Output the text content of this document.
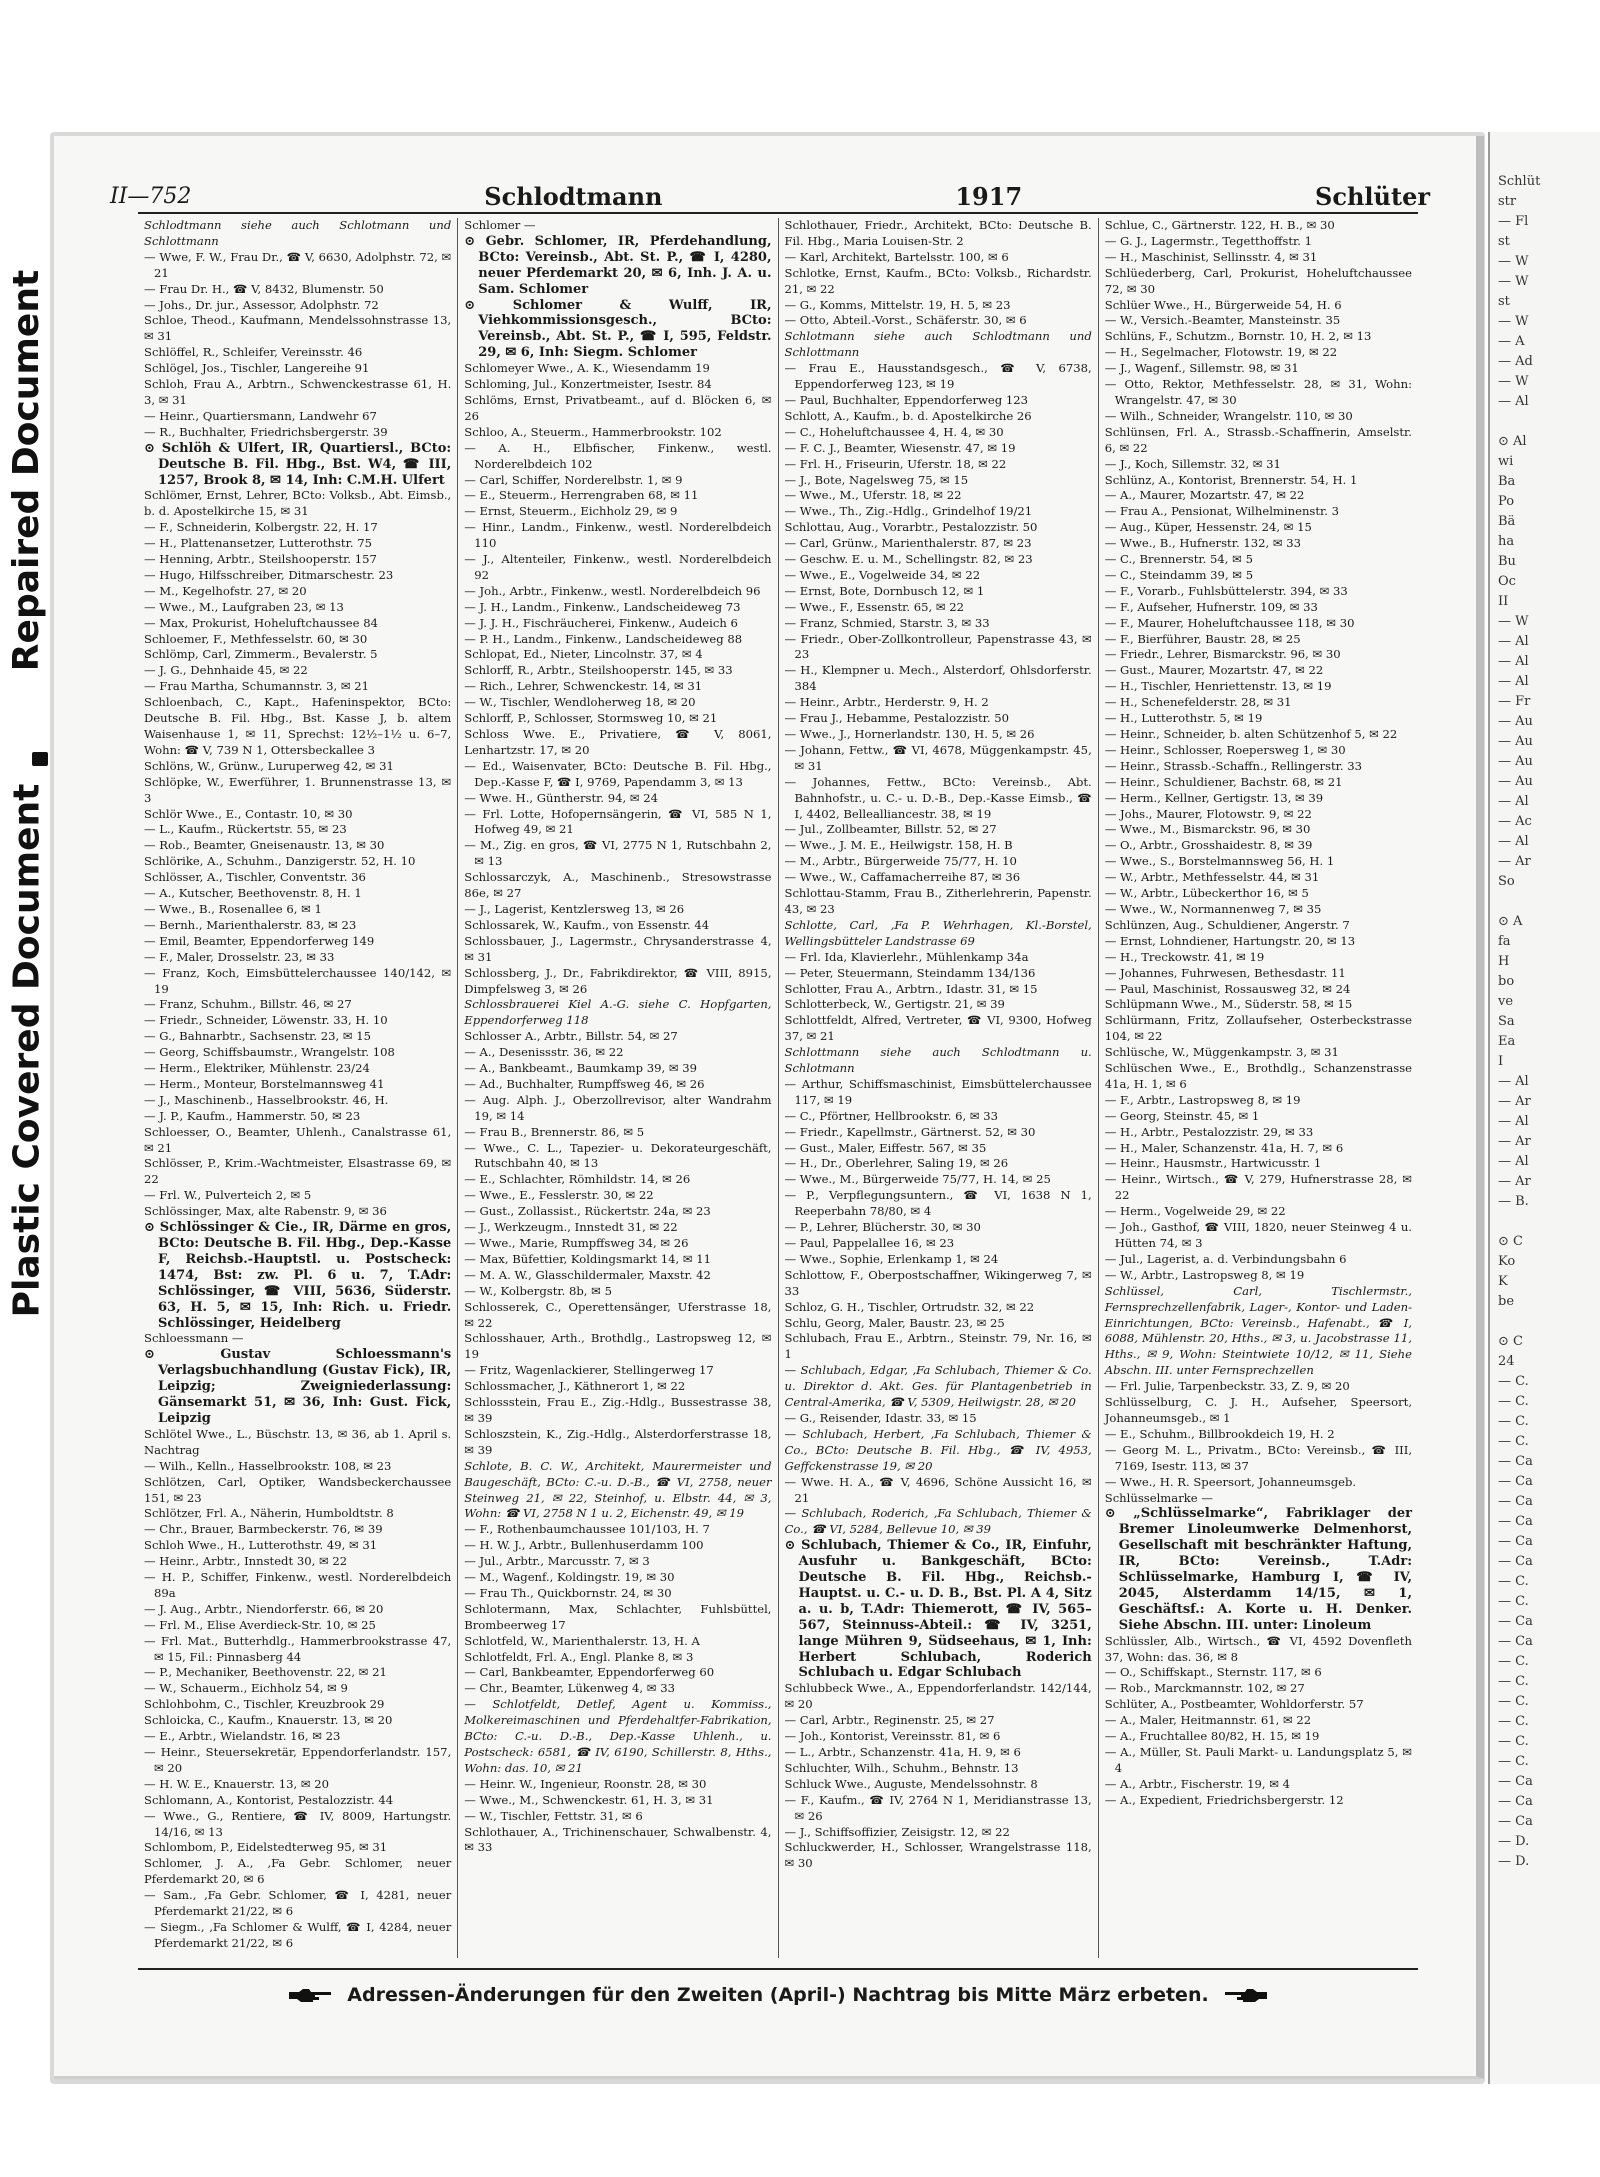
Repaired Document
Plastic Covered Document
Schlüt
str
— Fl
st
— W
— W
st
— W
— A
— Ad
— W
— Al

⊙ Al
wi
Ba
Po
Bä
ha
Bu
Oc
II
— W
— Al
— Al
— Al
— Fr
— Au
— Au
— Au
— Au
— Al
— Ac
— Al
— Ar
So

⊙ A
fa
H
bo
ve
Sa
Ea
I
— Al
— Ar
— Al
— Ar
— Al
— Ar
— B.

⊙ C
Ko
K
be

⊙ C
24
— C.
— C.
— C.
— C.
— Ca
— Ca
— Ca
— Ca
— Ca
— Ca
— C.
— C.
— Ca
— Ca
— C.
— C.
— C.
— C.
— C.
— C.
— Ca
— Ca
— Ca
— D.
— D.
II—752	Schlodtmann	1917	Schlüter

Schlodtmann siehe auch Schlotmann und Schlottmann

— Wwe, F. W., Frau Dr., ☎ V, 6630, Adolphstr. 72, ✉ 21

— Frau Dr. H., ☎ V, 8432, Blumenstr. 50

— Johs., Dr. jur., Assessor, Adolphstr. 72

Schloe, Theod., Kaufmann, Mendelssohnstrasse 13, ✉ 31

Schlöffel, R., Schleifer, Vereinsstr. 46

Schlögel, Jos., Tischler, Langereihe 91

Schloh, Frau A., Arbtrn., Schwenckestrasse 61, H. 3, ✉ 31

— Heinr., Quartiersmann, Landwehr 67

— R., Buchhalter, Friedrichsbergerstr. 39

⊙ Schlöh & Ulfert, IR, Quartiersl., BCto: Deutsche B. Fil. Hbg., Bst. W4, ☎ III, 1257, Brook 8, ✉ 14, Inh: C.M.H. Ulfert

Schlömer, Ernst, Lehrer, BCto: Volksb., Abt. Eimsb., b. d. Apostelkirche 15, ✉ 31

— F., Schneiderin, Kolbergstr. 22, H. 17

— H., Plattenansetzer, Lutterothstr. 75

— Henning, Arbtr., Steilshooperstr. 157

— Hugo, Hilfsschreiber, Ditmarschestr. 23

— M., Kegelhofstr. 27, ✉ 20

— Wwe., M., Laufgraben 23, ✉ 13

— Max, Prokurist, Hoheluftchaussee 84

Schloemer, F., Methfesselstr. 60, ✉ 30

Schlömp, Carl, Zimmerm., Bevalerstr. 5

— J. G., Dehnhaide 45, ✉ 22

— Frau Martha, Schumannstr. 3, ✉ 21

Schloenbach, C., Kapt., Hafeninspektor, BCto: Deutsche B. Fil. Hbg., Bst. Kasse J, b. altem Waisenhause 1, ✉ 11, Sprechst: 12½–1½ u. 6–7, Wohn: ☎ V, 739 N 1, Ottersbeckallee 3

Schlöns, W., Grünw., Luruperweg 42, ✉ 31

Schlöpke, W., Ewerführer, 1. Brunnenstrasse 13, ✉ 3

Schlör Wwe., E., Contastr. 10, ✉ 30

— L., Kaufm., Rückertstr. 55, ✉ 23

— Rob., Beamter, Gneisenaustr. 13, ✉ 30

Schlörike, A., Schuhm., Danzigerstr. 52, H. 10

Schlösser, A., Tischler, Conventstr. 36

— A., Kutscher, Beethovenstr. 8, H. 1

— Wwe., B., Rosenallee 6, ✉ 1

— Bernh., Marienthalerstr. 83, ✉ 23

— Emil, Beamter, Eppendorferweg 149

— F., Maler, Drosselstr. 23, ✉ 33

— Franz, Koch, Eimsbüttelerchaussee 140/142, ✉ 19

— Franz, Schuhm., Billstr. 46, ✉ 27

— Friedr., Schneider, Löwenstr. 33, H. 10

— G., Bahnarbtr., Sachsenstr. 23, ✉ 15

— Georg, Schiffsbaumstr., Wrangelstr. 108

— Herm., Elektriker, Mühlenstr. 23/24

— Herm., Monteur, Borstelmannsweg 41

— J., Maschinenb., Hasselbrookstr. 46, H.

— J. P., Kaufm., Hammerstr. 50, ✉ 23

Schloesser, O., Beamter, Uhlenh., Canalstrasse 61, ✉ 21

Schlösser, P., Krim.-Wachtmeister, Elsastrasse 69, ✉ 22

— Frl. W., Pulverteich 2, ✉ 5

Schlössinger, Max, alte Rabenstr. 9, ✉ 36

⊙ Schlössinger & Cie., IR, Därme en gros, BCto: Deutsche B. Fil. Hbg., Dep.-Kasse F, Reichsb.-Hauptstl. u. Postscheck: 1474, Bst: zw. Pl. 6 u. 7, T.Adr: Schlössinger, ☎ VIII, 5636, Süderstr. 63, H. 5, ✉ 15, Inh: Rich. u. Friedr. Schlössinger, Heidelberg

Schloessmann —

⊙ Gustav Schloessmann's Verlagsbuchhandlung (Gustav Fick), IR, Leipzig; Zweigniederlassung: Gänsemarkt 51, ✉ 36, Inh: Gust. Fick, Leipzig

Schlötel Wwe., L., Büschstr. 13, ✉ 36, ab 1. April s. Nachtrag

— Wilh., Kelln., Hasselbrookstr. 108, ✉ 23

Schlötzen, Carl, Optiker, Wandsbeckerchaussee 151, ✉ 23

Schlötzer, Frl. A., Näherin, Humboldtstr. 8

— Chr., Brauer, Barmbeckerstr. 76, ✉ 39

Schloh Wwe., H., Lutterothstr. 49, ✉ 31

— Heinr., Arbtr., Innstedt 30, ✉ 22

— H. P., Schiffer, Finkenw., westl. Norderelbdeich 89a

— J. Aug., Arbtr., Niendorferstr. 66, ✉ 20

— Frl. M., Elise Averdieck-Str. 10, ✉ 25

— Frl. Mat., Butterhdlg., Hammerbrookstrasse 47, ✉ 15, Fil.: Pinnasberg 44

— P., Mechaniker, Beethovenstr. 22, ✉ 21

— W., Schauerm., Eichholz 54, ✉ 9

Schlohbohm, C., Tischler, Kreuzbrook 29

Schloicka, C., Kaufm., Knauerstr. 13, ✉ 20

— E., Arbtr., Wielandstr. 16, ✉ 23

— Heinr., Steuersekretär, Eppendorferlandstr. 157, ✉ 20

— H. W. E., Knauerstr. 13, ✉ 20

Schlomann, A., Kontorist, Pestalozzistr. 44

— Wwe., G., Rentiere, ☎ IV, 8009, Hartungstr. 14/16, ✉ 13

Schlombom, P., Eidelstedterweg 95, ✉ 31

Schlomer, J. A., ‚Fa Gebr. Schlomer, neuer Pferdemarkt 20, ✉ 6

— Sam., ‚Fa Gebr. Schlomer, ☎ I, 4281, neuer Pferdemarkt 21/22, ✉ 6

— Siegm., ‚Fa Schlomer & Wulff, ☎ I, 4284, neuer Pferdemarkt 21/22, ✉ 6

Schlomer —

⊙ Gebr. Schlomer, IR, Pferdehandlung, BCto: Vereinsb., Abt. St. P., ☎ I, 4280, neuer Pferdemarkt 20, ✉ 6, Inh. J. A. u. Sam. Schlomer

⊙ Schlomer & Wulff, IR, Viehkommissionsgesch., BCto: Vereinsb., Abt. St. P., ☎ I, 595, Feldstr. 29, ✉ 6, Inh: Siegm. Schlomer

Schlomeyer Wwe., A. K., Wiesendamm 19

Schloming, Jul., Konzertmeister, Isestr. 84

Schlöms, Ernst, Privatbeamt., auf d. Blöcken 6, ✉ 26

Schloo, A., Steuerm., Hammerbrookstr. 102

— A. H., Elbfischer, Finkenw., westl. Norderelbdeich 102

— Carl, Schiffer, Norderelbstr. 1, ✉ 9

— E., Steuerm., Herrengraben 68, ✉ 11

— Ernst, Steuerm., Eichholz 29, ✉ 9

— Hinr., Landm., Finkenw., westl. Norderelbdeich 110

— J., Altenteiler, Finkenw., westl. Norderelbdeich 92

— Joh., Arbtr., Finkenw., westl. Norderelbdeich 96

— J. H., Landm., Finkenw., Landscheideweg 73

— J. J. H., Fischräucherei, Finkenw., Audeich 6

— P. H., Landm., Finkenw., Landscheideweg 88

Schlopat, Ed., Nieter, Lincolnstr. 37, ✉ 4

Schlorff, R., Arbtr., Steilshooperstr. 145, ✉ 33

— Rich., Lehrer, Schwenckestr. 14, ✉ 31

— W., Tischler, Wendloherweg 18, ✉ 20

Schlorff, P., Schlosser, Stormsweg 10, ✉ 21

Schloss Wwe. E., Privatiere, ☎ V, 8061, Lenhartzstr. 17, ✉ 20

— Ed., Waisenvater, BCto: Deutsche B. Fil. Hbg., Dep.-Kasse F, ☎ I, 9769, Papendamm 3, ✉ 13

— Wwe. H., Güntherstr. 94, ✉ 24

— Frl. Lotte, Hofopernsängerin, ☎ VI, 585 N 1, Hofweg 49, ✉ 21

— M., Zig. en gros, ☎ VI, 2775 N 1, Rutschbahn 2, ✉ 13

Schlossarczyk, A., Maschinenb., Stresowstrasse 86e, ✉ 27

— J., Lagerist, Kentzlersweg 13, ✉ 26

Schlossarek, W., Kaufm., von Essenstr. 44

Schlossbauer, J., Lagermstr., Chrysanderstrasse 4, ✉ 31

Schlossberg, J., Dr., Fabrikdirektor, ☎ VIII, 8915, Dimpfelsweg 3, ✉ 26

Schlossbrauerei Kiel A.-G. siehe C. Hopfgarten, Eppendorferweg 118

Schlosser A., Arbtr., Billstr. 54, ✉ 27

— A., Desenissstr. 36, ✉ 22

— A., Bankbeamt., Baumkamp 39, ✉ 39

— Ad., Buchhalter, Rumpffsweg 46, ✉ 26

— Aug. Alph. J., Oberzollrevisor, alter Wandrahm 19, ✉ 14

— Frau B., Brennerstr. 86, ✉ 5

— Wwe., C. L., Tapezier- u. Dekorateurgeschäft, Rutschbahn 40, ✉ 13

— E., Schlachter, Römhildstr. 14, ✉ 26

— Wwe., E., Fesslerstr. 30, ✉ 22

— Gust., Zollassist., Rückertstr. 24a, ✉ 23

— J., Werkzeugm., Innstedt 31, ✉ 22

— Wwe., Marie, Rumpffsweg 34, ✉ 26

— Max, Büfettier, Koldingsmarkt 14, ✉ 11

— M. A. W., Glasschildermaler, Maxstr. 42

— W., Kolbergstr. 8b, ✉ 5

Schlosserek, C., Operettensänger, Uferstrasse 18, ✉ 22

Schlosshauer, Arth., Brothdlg., Lastropsweg 12, ✉ 19

— Fritz, Wagenlackierer, Stellingerweg 17

Schlossmacher, J., Käthnerort 1, ✉ 22

Schlossstein, Frau E., Zig.-Hdlg., Bussestrasse 38, ✉ 39

Schloszstein, K., Zig.-Hdlg., Alsterdorferstrasse 18, ✉ 39

Schlote, B. C. W., Architekt, Maurermeister und Baugeschäft, BCto: C.-u. D.-B., ☎ VI, 2758, neuer Steinweg 21, ✉ 22, Steinhof, u. Elbstr. 44, ✉ 3, Wohn: ☎ VI, 2758 N 1 u. 2, Eichenstr. 49, ✉ 19

— F., Rothenbaumchaussee 101/103, H. 7

— H. W. J., Arbtr., Bullenhuserdamm 100

— Jul., Arbtr., Marcusstr. 7, ✉ 3

— M., Wagenf., Koldingstr. 19, ✉ 30

— Frau Th., Quickbornstr. 24, ✉ 30

Schlotermann, Max, Schlachter, Fuhlsbüttel, Brombeerweg 17

Schlotfeld, W., Marienthalerstr. 13, H. A

Schlotfeldt, Frl. A., Engl. Planke 8, ✉ 3

— Carl, Bankbeamter, Eppendorferweg 60

— Chr., Beamter, Lükenweg 4, ✉ 33

— Schlotfeldt, Detlef, Agent u. Kommiss., Molkereimaschinen und Pferdehaltfer-Fabrikation, BCto: C.-u. D.-B., Dep.-Kasse Uhlenh., u. Postscheck: 6581, ☎ IV, 6190, Schillerstr. 8, Hths., Wohn: das. 10, ✉ 21

— Heinr. W., Ingenieur, Roonstr. 28, ✉ 30

— Wwe., M., Schwenckestr. 61, H. 3, ✉ 31

— W., Tischler, Fettstr. 31, ✉ 6

Schlothauer, A., Trichinenschauer, Schwalbenstr. 4, ✉ 33

Schlothauer, Friedr., Architekt, BCto: Deutsche B. Fil. Hbg., Maria Louisen-Str. 2

— Karl, Architekt, Bartelsstr. 100, ✉ 6

Schlotke, Ernst, Kaufm., BCto: Volksb., Richardstr. 21, ✉ 22

— G., Komms, Mittelstr. 19, H. 5, ✉ 23

— Otto, Abteil.-Vorst., Schäferstr. 30, ✉ 6

Schlotmann siehe auch Schlodtmann und Schlottmann

— Frau E., Hausstandsgesch., ☎ V, 6738, Eppendorferweg 123, ✉ 19

— Paul, Buchhalter, Eppendorferweg 123

Schlott, A., Kaufm., b. d. Apostelkirche 26

— C., Hoheluftchaussee 4, H. 4, ✉ 30

— F. C. J., Beamter, Wiesenstr. 47, ✉ 19

— Frl. H., Friseurin, Uferstr. 18, ✉ 22

— J., Bote, Nagelsweg 75, ✉ 15

— Wwe., M., Uferstr. 18, ✉ 22

— Wwe., Th., Zig.-Hdlg., Grindelhof 19/21

Schlottau, Aug., Vorarbtr., Pestalozzistr. 50

— Carl, Grünw., Marienthalerstr. 87, ✉ 23

— Geschw. E. u. M., Schellingstr. 82, ✉ 23

— Wwe., E., Vogelweide 34, ✉ 22

— Ernst, Bote, Dornbusch 12, ✉ 1

— Wwe., F., Essenstr. 65, ✉ 22

— Franz, Schmied, Starstr. 3, ✉ 33

— Friedr., Ober-Zollkontrolleur, Papenstrasse 43, ✉ 23

— H., Klempner u. Mech., Alsterdorf, Ohlsdorferstr. 384

— Heinr., Arbtr., Herderstr. 9, H. 2

— Frau J., Hebamme, Pestalozzistr. 50

— Wwe., J., Hornerlandstr. 130, H. 5, ✉ 26

— Johann, Fettw., ☎ VI, 4678, Müggenkampstr. 45, ✉ 31

— Johannes, Fettw., BCto: Vereinsb., Abt. Bahnhofstr., u. C.- u. D.-B., Dep.-Kasse Eimsb., ☎ I, 4402, Bellealliancestr. 38, ✉ 19

— Jul., Zollbeamter, Billstr. 52, ✉ 27

— Wwe., J. M. E., Heilwigstr. 158, H. B

— M., Arbtr., Bürgerweide 75/77, H. 10

— Wwe., W., Caffamacherreihe 87, ✉ 36

Schlottau-Stamm, Frau B., Zitherlehrerin, Papenstr. 43, ✉ 23

Schlotte, Carl, ‚Fa P. Wehrhagen, Kl.-Borstel, Wellingsbütteler Landstrasse 69

— Frl. Ida, Klavierlehr., Mühlenkamp 34a

— Peter, Steuermann, Steindamm 134/136

Schlotter, Frau A., Arbtrn., Idastr. 31, ✉ 15

Schlotterbeck, W., Gertigstr. 21, ✉ 39

Schlottfeldt, Alfred, Vertreter, ☎ VI, 9300, Hofweg 37, ✉ 21

Schlottmann siehe auch Schlodtmann u. Schlotmann

— Arthur, Schiffsmaschinist, Eimsbüttelerchaussee 117, ✉ 19

— C., Pförtner, Hellbrookstr. 6, ✉ 33

— Friedr., Kapellmstr., Gärtnerst. 52, ✉ 30

— Gust., Maler, Eiffestr. 567, ✉ 35

— H., Dr., Oberlehrer, Saling 19, ✉ 26

— Wwe., M., Bürgerweide 75/77, H. 14, ✉ 25

— P., Verpflegungsuntern., ☎ VI, 1638 N 1, Reeperbahn 78/80, ✉ 4

— P., Lehrer, Blücherstr. 30, ✉ 30

— Paul, Pappelallee 16, ✉ 23

— Wwe., Sophie, Erlenkamp 1, ✉ 24

Schlottow, F., Oberpostschaffner, Wikingerweg 7, ✉ 33

Schloz, G. H., Tischler, Ortrudstr. 32, ✉ 22

Schlu, Georg, Maler, Baustr. 23, ✉ 25

Schlubach, Frau E., Arbtrn., Steinstr. 79, Nr. 16, ✉ 1

— Schlubach, Edgar, ‚Fa Schlubach, Thiemer & Co. u. Direktor d. Akt. Ges. für Plantagenbetrieb in Central-Amerika, ☎ V, 5309, Heilwigstr. 28, ✉ 20

— G., Reisender, Idastr. 33, ✉ 15

— Schlubach, Herbert, ‚Fa Schlubach, Thiemer & Co., BCto: Deutsche B. Fil. Hbg., ☎ IV, 4953, Geffckenstrasse 19, ✉ 20

— Wwe. H. A., ☎ V, 4696, Schöne Aussicht 16, ✉ 21

— Schlubach, Roderich, ‚Fa Schlubach, Thiemer & Co., ☎ VI, 5284, Bellevue 10, ✉ 39

⊙ Schlubach, Thiemer & Co., IR, Einfuhr, Ausfuhr u. Bankgeschäft, BCto: Deutsche B. Fil. Hbg., Reichsb.-Hauptst. u. C.- u. D. B., Bst. Pl. A 4, Sitz a. u. b, T.Adr: Thiemerott, ☎ IV, 565–567, Steinnuss-Abteil.: ☎ IV, 3251, lange Mühren 9, Südseehaus, ✉ 1, Inh: Herbert Schlubach, Roderich Schlubach u. Edgar Schlubach

Schlubbeck Wwe., A., Eppendorferlandstr. 142/144, ✉ 20

— Carl, Arbtr., Reginenstr. 25, ✉ 27

— Joh., Kontorist, Vereinsstr. 81, ✉ 6

— L., Arbtr., Schanzenstr. 41a, H. 9, ✉ 6

Schluchter, Wilh., Schuhm., Behnstr. 13

Schluck Wwe., Auguste, Mendelssohnstr. 8

— F., Kaufm., ☎ IV, 2764 N 1, Meridianstrasse 13, ✉ 26

— J., Schiffsoffizier, Zeisigstr. 12, ✉ 22

Schluckwerder, H., Schlosser, Wrangelstrasse 118, ✉ 30

Schlue, C., Gärtnerstr. 122, H. B., ✉ 30

— G. J., Lagermstr., Tegetthoffstr. 1

— H., Maschinist, Sellinsstr. 4, ✉ 31

Schlüederberg, Carl, Prokurist, Hoheluftchaussee 72, ✉ 30

Schlüer Wwe., H., Bürgerweide 54, H. 6

— W., Versich.-Beamter, Mansteinstr. 35

Schlüns, F., Schutzm., Bornstr. 10, H. 2, ✉ 13

— H., Segelmacher, Flotowstr. 19, ✉ 22

— J., Wagenf., Sillemstr. 98, ✉ 31

— Otto, Rektor, Methfesselstr. 28, ✉ 31, Wohn: Wrangelstr. 47, ✉ 30

— Wilh., Schneider, Wrangelstr. 110, ✉ 30

Schlünsen, Frl. A., Strassb.-Schaffnerin, Amselstr. 6, ✉ 22

— J., Koch, Sillemstr. 32, ✉ 31

Schlünz, A., Kontorist, Brennerstr. 54, H. 1

— A., Maurer, Mozartstr. 47, ✉ 22

— Frau A., Pensionat, Wilhelminenstr. 3

— Aug., Küper, Hessenstr. 24, ✉ 15

— Wwe., B., Hufnerstr. 132, ✉ 33

— C., Brennerstr. 54, ✉ 5

— C., Steindamm 39, ✉ 5

— F., Vorarb., Fuhlsbüttelerstr. 394, ✉ 33

— F., Aufseher, Hufnerstr. 109, ✉ 33

— F., Maurer, Hoheluftchaussee 118, ✉ 30

— F., Bierführer, Baustr. 28, ✉ 25

— Friedr., Lehrer, Bismarckstr. 96, ✉ 30

— Gust., Maurer, Mozartstr. 47, ✉ 22

— H., Tischler, Henriettenstr. 13, ✉ 19

— H., Schenefelderstr. 28, ✉ 31

— H., Lutterothstr. 5, ✉ 19

— Heinr., Schneider, b. alten Schützenhof 5, ✉ 22

— Heinr., Schlosser, Roepersweg 1, ✉ 30

— Heinr., Strassb.-Schaffn., Rellingerstr. 33

— Heinr., Schuldiener, Bachstr. 68, ✉ 21

— Herm., Kellner, Gertigstr. 13, ✉ 39

— Johs., Maurer, Flotowstr. 9, ✉ 22

— Wwe., M., Bismarckstr. 96, ✉ 30

— O., Arbtr., Grosshaidestr. 8, ✉ 39

— Wwe., S., Borstelmannsweg 56, H. 1

— W., Arbtr., Methfesselstr. 44, ✉ 31

— W., Arbtr., Lübeckerthor 16, ✉ 5

— Wwe., W., Normannenweg 7, ✉ 35

Schlünzen, Aug., Schuldiener, Angerstr. 7

— Ernst, Lohndiener, Hartungstr. 20, ✉ 13

— H., Treckowstr. 41, ✉ 19

— Johannes, Fuhrwesen, Bethesdastr. 11

— Paul, Maschinist, Rossausweg 32, ✉ 24

Schlüpmann Wwe., M., Süderstr. 58, ✉ 15

Schlürmann, Fritz, Zollaufseher, Osterbeckstrasse 104, ✉ 22

Schlüsche, W., Müggenkampstr. 3, ✉ 31

Schlüschen Wwe., E., Brothdlg., Schanzenstrasse 41a, H. 1, ✉ 6

— F., Arbtr., Lastropsweg 8, ✉ 19

— Georg, Steinstr. 45, ✉ 1

— H., Arbtr., Pestalozzistr. 29, ✉ 33

— H., Maler, Schanzenstr. 41a, H. 7, ✉ 6

— Heinr., Hausmstr., Hartwicusstr. 1

— Heinr., Wirtsch., ☎ V, 279, Hufnerstrasse 28, ✉ 22

— Herm., Vogelweide 29, ✉ 22

— Joh., Gasthof, ☎ VIII, 1820, neuer Steinweg 4 u. Hütten 74, ✉ 3

— Jul., Lagerist, a. d. Verbindungsbahn 6

— W., Arbtr., Lastropsweg 8, ✉ 19

Schlüssel, Carl, Tischlermstr., Fernsprechzellenfabrik, Lager-, Kontor- und Laden-Einrichtungen, BCto: Vereinsb., Hafenabt., ☎ I, 6088, Mühlenstr. 20, Hths., ✉ 3, u. Jacobstrasse 11, Hths., ✉ 9, Wohn: Steintwiete 10/12, ✉ 11, Siehe Abschn. III. unter Fernsprechzellen

— Frl. Julie, Tarpenbeckstr. 33, Z. 9, ✉ 20

Schlüsselburg, C. J. H., Aufseher, Speersort, Johanneumsgeb., ✉ 1

— E., Schuhm., Billbrookdeich 19, H. 2

— Georg M. L., Privatm., BCto: Vereinsb., ☎ III, 7169, Isestr. 113, ✉ 37

— Wwe., H. R. Speersort, Johanneumsgeb.

Schlüsselmarke —

⊙ „Schlüsselmarke“, Fabriklager der Bremer Linoleumwerke Delmenhorst, Gesellschaft mit beschränkter Haftung, IR, BCto: Vereinsb., T.Adr: Schlüsselmarke, Hamburg I, ☎ IV, 2045, Alsterdamm 14/15, ✉ 1, Geschäftsf.: A. Korte u. H. Denker. Siehe Abschn. III. unter: Linoleum

Schlüssler, Alb., Wirtsch., ☎ VI, 4592 Dovenfleth 37, Wohn: das. 36, ✉ 8

— O., Schiffskapt., Sternstr. 117, ✉ 6

— Rob., Marckmannstr. 102, ✉ 27

Schlüter, A., Postbeamter, Wohldorferstr. 57

— A., Maler, Heitmannstr. 61, ✉ 22

— A., Fruchtallee 80/82, H. 15, ✉ 19

— A., Müller, St. Pauli Markt- u. Landungsplatz 5, ✉ 4

— A., Arbtr., Fischerstr. 19, ✉ 4

— A., Expedient, Friedrichsbergerstr. 12

Adressen-Änderungen für den Zweiten (April-) Nachtrag bis Mitte März erbeten.
